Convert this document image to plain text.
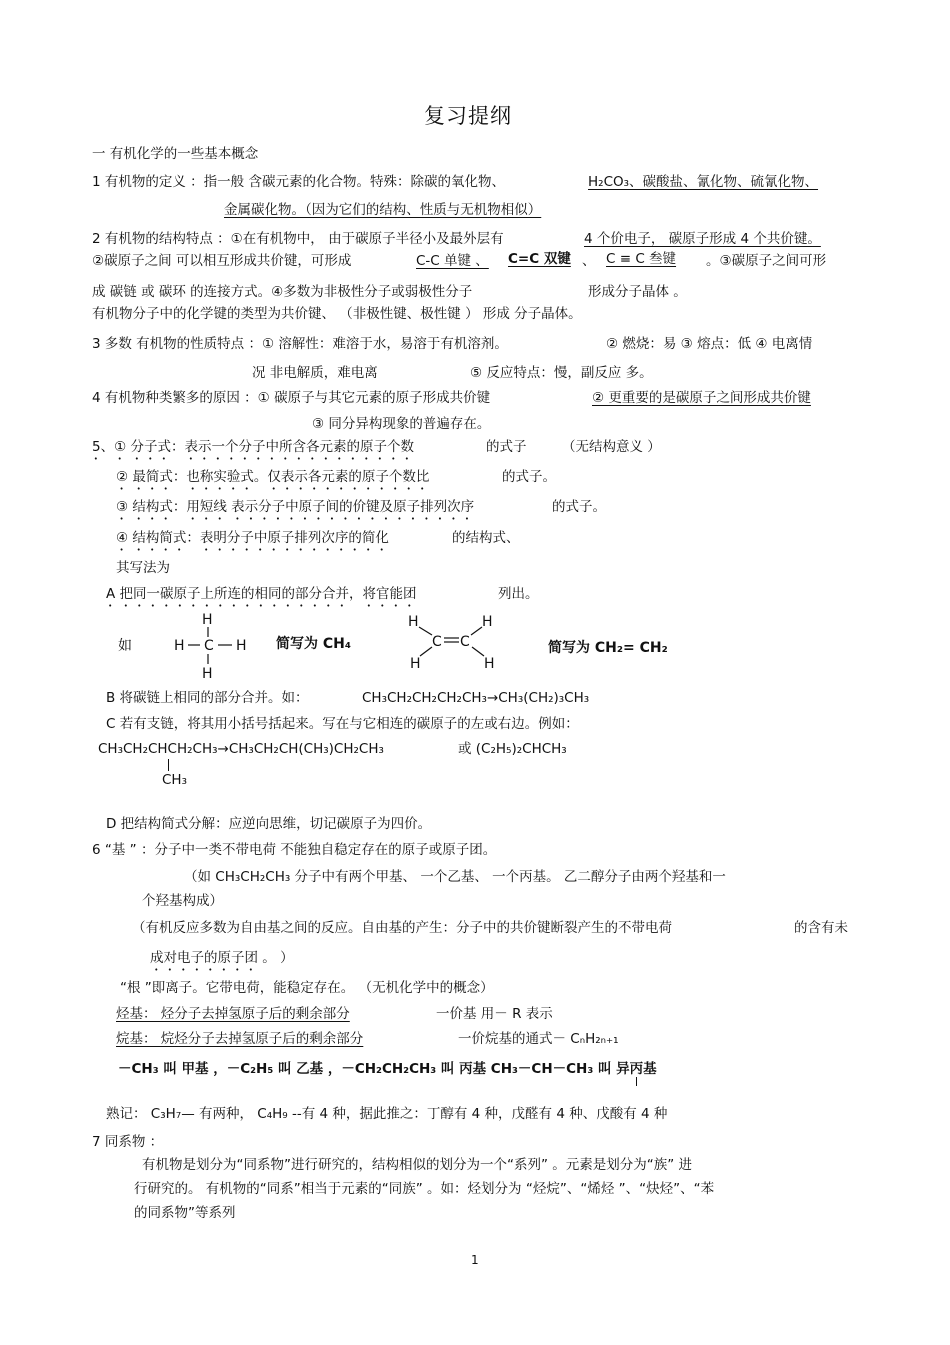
复习提纲
一 有机化学的一些基本概念
1 有机物的定义 ：指一般 含碳元素的化合物。特殊：除碳的氧化物、	H₂CO₃、碳酸盐、氰化物、硫氰化物、
金属碳化物。（因为它们的结构、性质与无机物相似）
2 有机物的结构特点 ：①在有机物中， 由于碳原子半径小及最外层有	4 个价电子， 碳原子形成 4 个共价键。
②碳原子之间 可以相互形成共价键，可形成	C-C 单键 、 C=C 双键 、 C ≡ C 叁键 。③碳原子之间可形
成 碳链 或 碳环 的连接方式。④多数为非极性分子或弱极性分子	形成分子晶体 。
有机物分子中的化学键的类型为共价键、 （非极性键、极性键 ） 形成 分子晶体。
3 多数 有机物的性质特点 ：① 溶解性：难溶于水，易溶于有机溶剂。	② 燃烧：易 ③ 熔点：低 ④ 电离情
况 非电解质，难电离	⑤ 反应特点：慢，副反应 多。
4 有机物种类繁多的原因 ：① 碳原子与其它元素的原子形成共价键	② 更重要的是碳原子之间形成共价键
③ 同分异构现象的普遍存在。
5、① 分子式：表示一个分子中所含各元素的原子个数	的式子	（无结构意义 ）
② 最简式：也称实验式。仅表示各元素的原子个数比	的式子。
③ 结构式：用短线 表示分子中原子间的价键及原子排列次序	的式子。
④ 结构简式：表明分子中原子排列次序的简化	的结构式、
其写法为
A 把同一碳原子上所连的相同的部分合并，将官能团	列出。
如
H
H C H
H
简写为 CH₄
H	H
C C
H	H
简写为 CH₂= CH₂
B 将碳链上相同的部分合并。如：	CH₃CH₂CH₂CH₂CH₃→CH₃(CH₂)₃CH₃
C 若有支链，将其用小括号括起来。写在与它相连的碳原子的左或右边。例如：
CH₃CH₂CHCH₂CH₃→CH₃CH₂CH(CH₃)CH₂CH₃	或 (C₂H₅)₂CHCH₃
CH₃
D 把结构简式分解：应逆向思维，切记碳原子为四价。
6 “基 ” ：分子中一类不带电荷 不能独自稳定存在的原子或原子团。
（如 CH₃CH₂CH₃ 分子中有两个甲基、 一个乙基、 一个丙基。 乙二醇分子由两个羟基和一
个羟基构成）
（有机反应多数为自由基之间的反应。自由基的产生：分子中的共价键断裂产生的不带电荷	的含有未
成对电子的原子团 。 ）
“根 ”即离子。它带电荷，能稳定存在。 （无机化学中的概念）
烃基： 烃分子去掉氢原子后的剩余部分	一价基 用－ R 表示
烷基： 烷烃分子去掉氢原子后的剩余部分	一价烷基的通式－ CₙH₂ₙ₊₁
－CH₃ 叫 甲基 ，－C₂H₅ 叫 乙基 ，－CH₂CH₂CH₃ 叫 丙基 CH₃－CH－CH₃ 叫 异丙基
熟记： C₃H₇— 有两种， C₄H₉ --有 4 种，据此推之：丁醇有 4 种，戊醛有 4 种、戊酸有 4 种
7 同系物 ：
有机物是划分为“同系物”进行研究的，结构相似的划分为一个“系列” 。元素是划分为“族” 进
行研究的。 有机物的“同系”相当于元素的“同族” 。如：烃划分为 “烃烷”、“烯烃 ”、“炔烃”、“苯
的同系物”等系列
1
